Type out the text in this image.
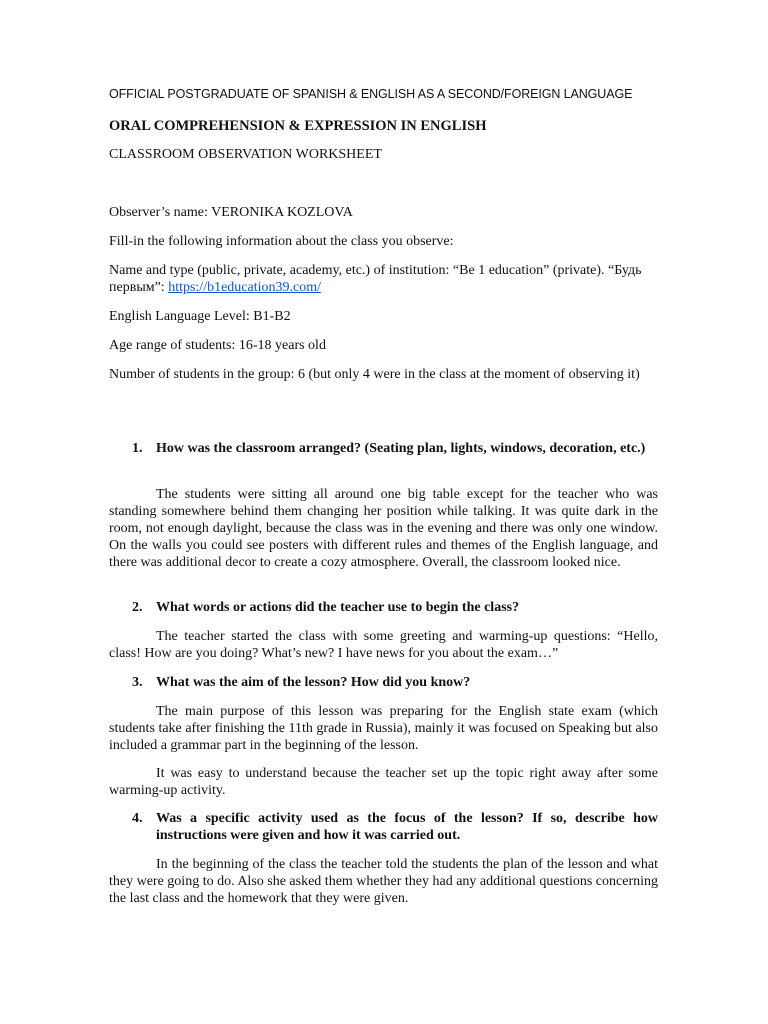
OFFICIAL POSTGRADUATE OF SPANISH & ENGLISH AS A SECOND/FOREIGN LANGUAGE

ORAL COMPREHENSION & EXPRESSION IN ENGLISH

CLASSROOM OBSERVATION WORKSHEET

Observer’s name: VERONIKA KOZLOVA

Fill-in the following information about the class you observe:

Name and type (public, private, academy, etc.) of institution: “Be 1 education” (private). “Будь первым”: https://b1education39.com/

English Language Level: B1-B2

Age range of students: 16-18 years old

Number of students in the group: 6 (but only 4 were in the class at the moment of observing it)

1. How was the classroom arranged? (Seating plan, lights, windows, decoration, etc.)

The students were sitting all around one big table except for the teacher who was standing somewhere behind them changing her position while talking. It was quite dark in the room, not enough daylight, because the class was in the evening and there was only one window. On the walls you could see posters with different rules and themes of the English language, and there was additional decor to create a cozy atmosphere. Overall, the classroom looked nice.

2. What words or actions did the teacher use to begin the class?

The teacher started the class with some greeting and warming-up questions: “Hello, class! How are you doing? What’s new? I have news for you about the exam…”

3. What was the aim of the lesson? How did you know?

The main purpose of this lesson was preparing for the English state exam (which students take after finishing the 11th grade in Russia), mainly it was focused on Speaking but also included a grammar part in the beginning of the lesson.

It was easy to understand because the teacher set up the topic right away after some warming-up activity.

4. Was a specific activity used as the focus of the lesson? If so, describe how instructions were given and how it was carried out.

In the beginning of the class the teacher told the students the plan of the lesson and what they were going to do. Also she asked them whether they had any additional questions concerning the last class and the homework that they were given.
